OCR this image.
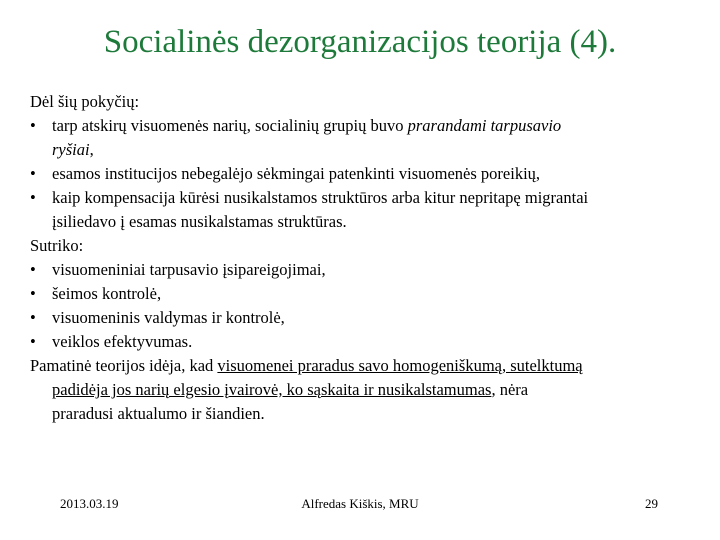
Socialinės dezorganizacijos teorija (4).
Dėl šių pokyčių:
• tarp atskirų visuomenės narių, socialinių grupių buvo prarandami tarpusavio
ryšiai,
• esamos institucijos nebegalėjo sėkmingai patenkinti visuomenės poreikių,
• kaip kompensacija kūrėsi nusikalstamos struktūros arba kitur nepritapę migrantai
įsiliedavo į esamas nusikalstamas struktūras.
Sutriko:
• visuomeniniai tarpusavio įsipareigojimai,
• šeimos kontrolė,
• visuomeninis valdymas ir kontrolė,
• veiklos efektyvumas.
Pamatinė teorijos idėja, kad visuomenei praradus savo homogeniškumą, sutelktumą
padidėja jos narių elgesio įvairovė, ko sąskaita ir nusikalstamumas, nėra
praradusi aktualumo ir šiandien.
2013.03.19	Alfredas Kiškis, MRU	29
